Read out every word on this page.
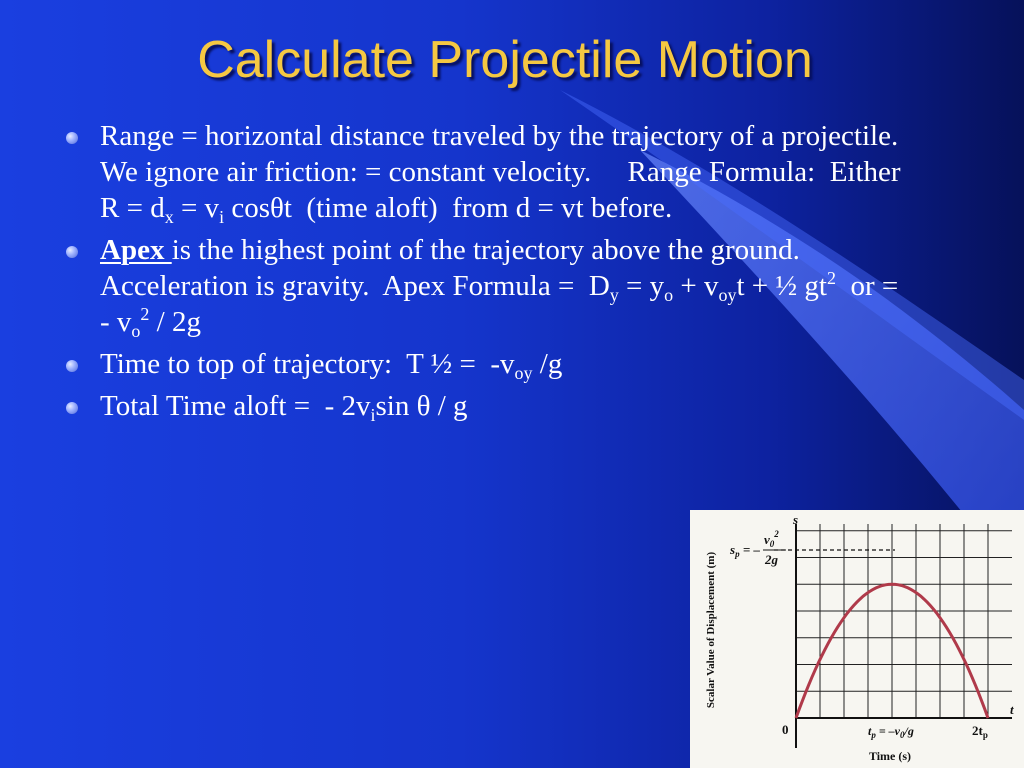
Calculate Projectile Motion
Range = horizontal distance traveled by the trajectory of a projectile. We ignore air friction: = constant velocity.     Range Formula:  Either $R = d_x = v_i$ cosθt  (time aloft)  from d = vt before.
Apex is the highest point of the trajectory above the ground.  Acceleration is gravity.  Apex Formula =  $D_y = y_o + v_{oy}t$ + ½ $gt^2$  or =  - $v_o^2 / 2g$
Time to top of trajectory:  T ½ =  $-v_{oy}$ /g
Total Time aloft =  - $2v_i\sin$ θ / g
Scalar Value of Displacement (m)
Time (s)
s
t
0
$s_p$ = –
$v_0^2$
2g
$t_p = -v_0/g$	$2t_p$
